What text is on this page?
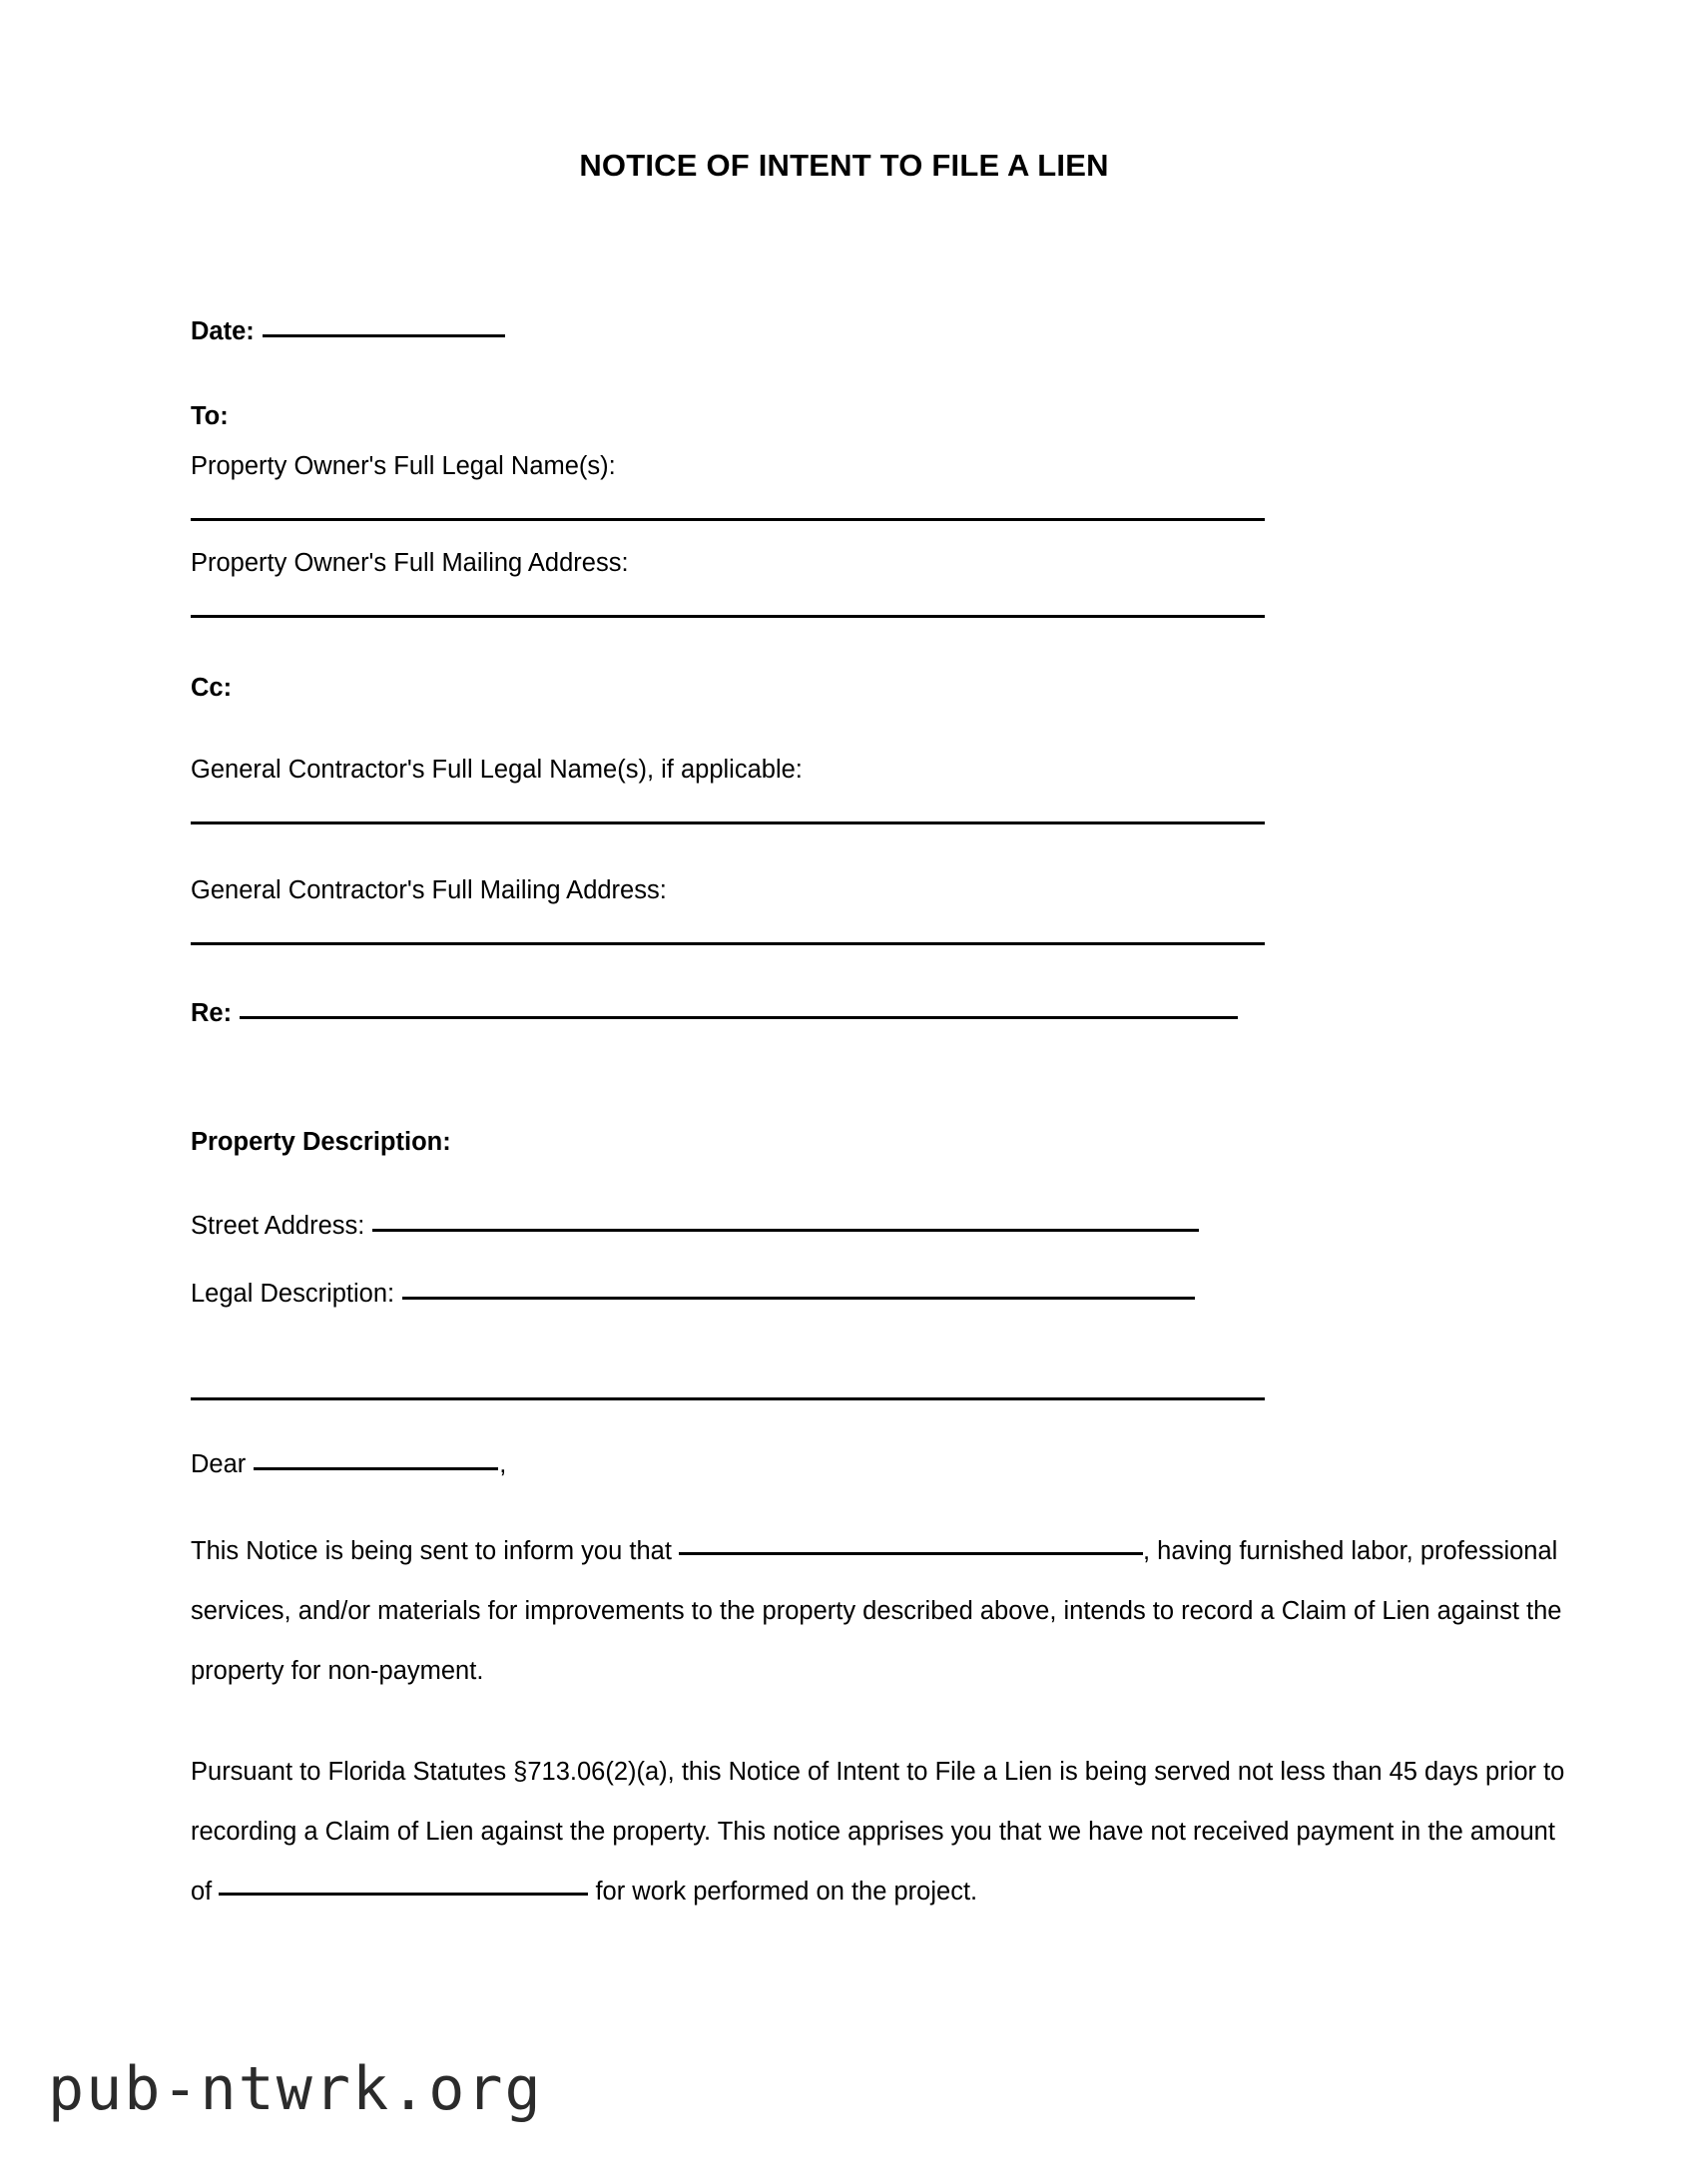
NOTICE OF INTENT TO FILE A LIEN
Date:
To:
Property Owner's Full Legal Name(s):
Property Owner's Full Mailing Address:
Cc:
General Contractor's Full Legal Name(s), if applicable:
General Contractor's Full Mailing Address:
Re:
Property Description:
Street Address:
Legal Description:
Dear	,
This Notice is being sent to inform you that	, having furnished labor, professional services, and/or materials for improvements to the property described above, intends to record a Claim of Lien against the property for non-payment.
Pursuant to Florida Statutes §713.06(2)(a), this Notice of Intent to File a Lien is being served not less than 45 days prior to recording a Claim of Lien against the property. This notice apprises you that we have not received payment in the amount of	for work performed on the project.
pub-ntwrk.org
